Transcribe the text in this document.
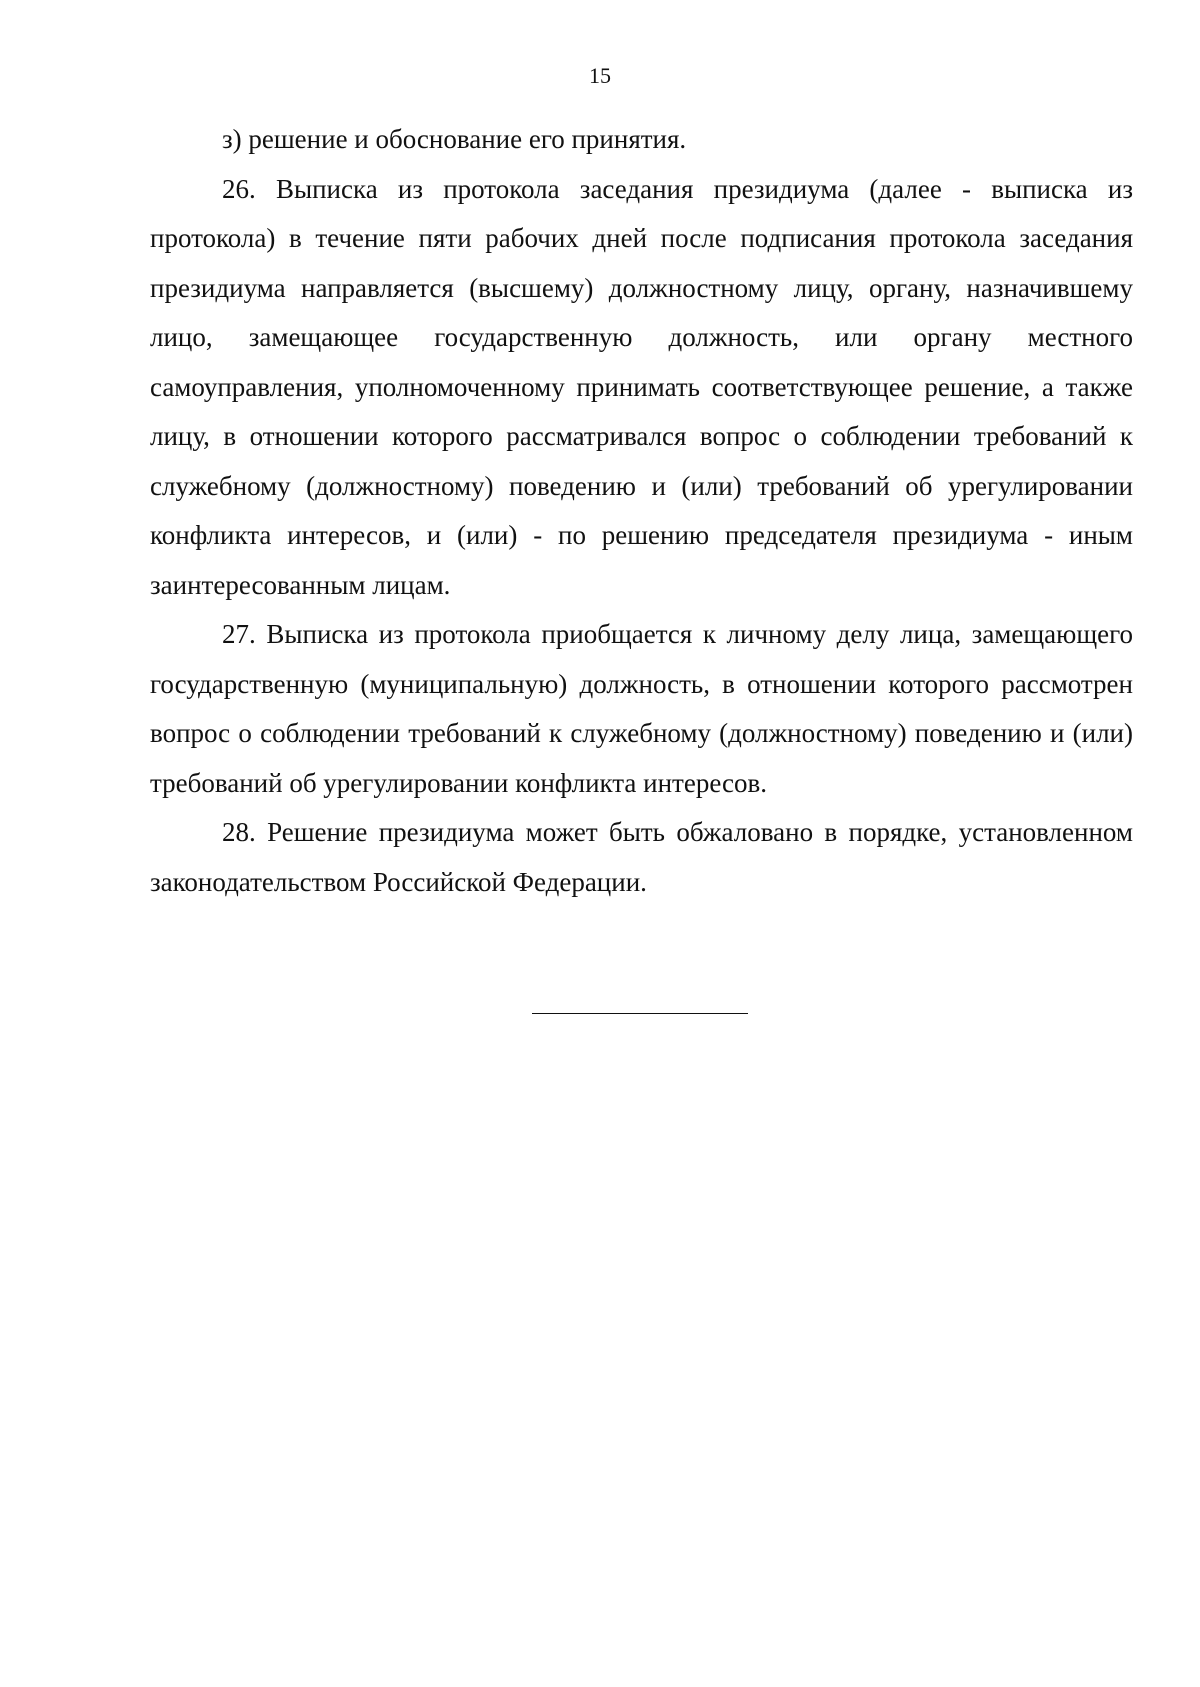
15

з) решение и обоснование его принятия.

26. Выписка из протокола заседания президиума (далее - выписка из протокола) в течение пяти рабочих дней после подписания протокола заседания президиума направляется (высшему) должностному лицу, органу, назначившему лицо, замещающее государственную должность, или органу местного самоуправления, уполномоченному принимать соответствующее решение, а также лицу, в отношении которого рассматривался вопрос о соблюдении требований к служебному (должностному) поведению и (или) требований об урегулировании конфликта интересов, и (или) - по решению председателя президиума - иным заинтересованным лицам.

27. Выписка из протокола приобщается к личному делу лица, замещающего государственную (муниципальную) должность, в отношении которого рассмотрен вопрос о соблюдении требований к служебному (должностному) поведению и (или) требований об урегулировании конфликта интересов.

28. Решение президиума может быть обжаловано в порядке, установленном законодательством Российской Федерации.
